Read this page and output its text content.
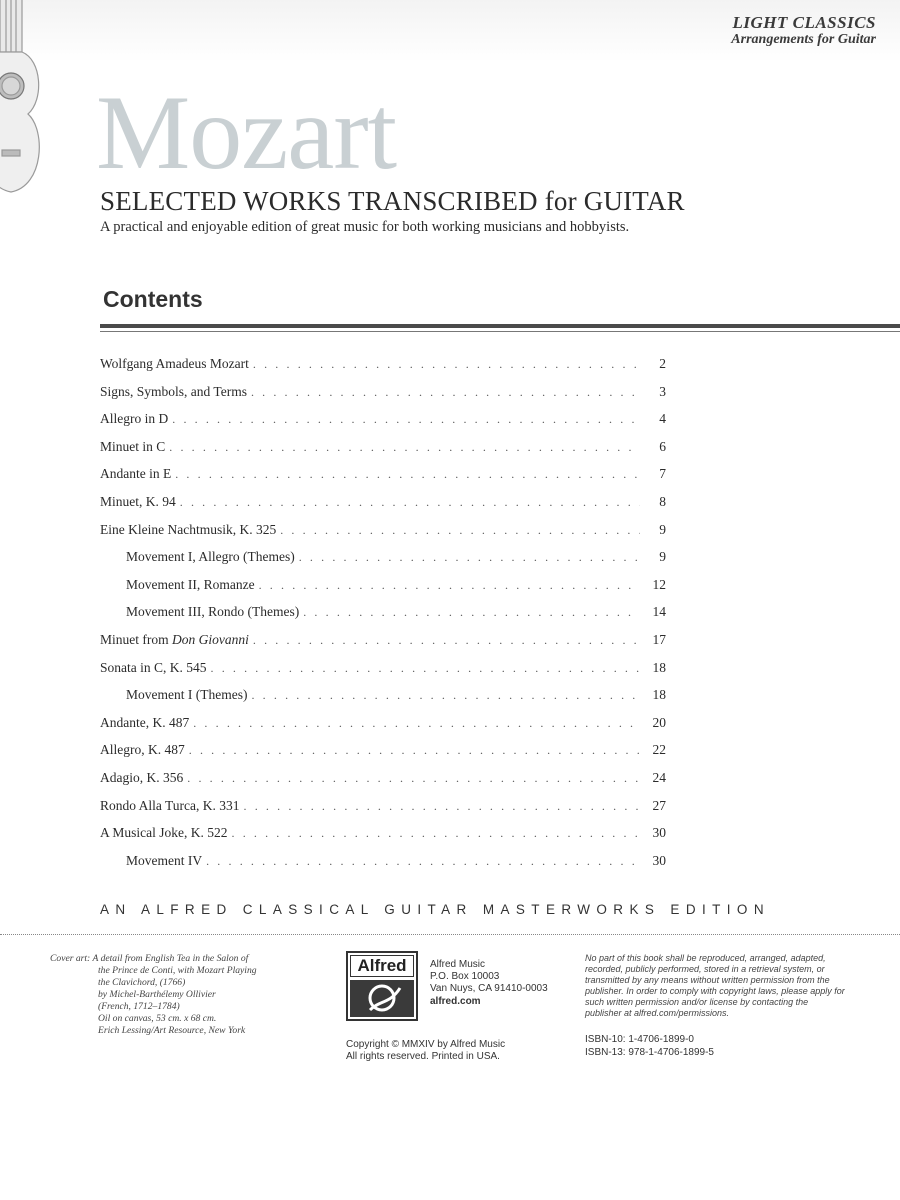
LIGHT CLASSICS
Arrangements for Guitar
Mozart
SELECTED WORKS TRANSCRIBED for GUITAR
A practical and enjoyable edition of great music for both working musicians and hobbyists.
Contents
Wolfgang Amadeus Mozart . . .	2
Signs, Symbols, and Terms . . .	3
Allegro in D . . .	4
Minuet in C . . .	6
Andante in E . . .	7
Minuet, K. 94 . . .	8
Eine Kleine Nachtmusik, K. 325 . . .	9
Movement I, Allegro (Themes) . . .	9
Movement II, Romanze . . .	12
Movement III, Rondo (Themes) . . .	14
Minuet from Don Giovanni . . .	17
Sonata in C, K. 545 . . .	18
Movement I (Themes) . . .	18
Andante, K. 487 . . .	20
Allegro, K. 487 . . .	22
Adagio, K. 356 . . .	24
Rondo Alla Turca, K. 331 . . .	27
A Musical Joke, K. 522 . . .	30
Movement IV . . .	30
AN ALFRED CLASSICAL GUITAR MASTERWORKS EDITION
Cover art: A detail from English Tea in the Salon of
the Prince de Conti, with Mozart Playing
the Clavichord, (1766)
by Michel-Barthélemy Ollivier
(French, 1712–1784)
Oil on canvas, 53 cm. x 68 cm.
Erich Lessing/Art Resource, New York
Alfred	Alfred Music
P.O. Box 10003
Van Nuys, CA 91410-0003
alfred.com
Copyright © MMXIV by Alfred Music
All rights reserved. Printed in USA.
No part of this book shall be reproduced, arranged, adapted, recorded, publicly performed, stored in a retrieval system, or transmitted by any means without written permission from the publisher. In order to comply with copyright laws, please apply for such written permission and/or license by contacting the publisher at alfred.com/permissions.
ISBN-10: 1-4706-1899-0
ISBN-13: 978-1-4706-1899-5
